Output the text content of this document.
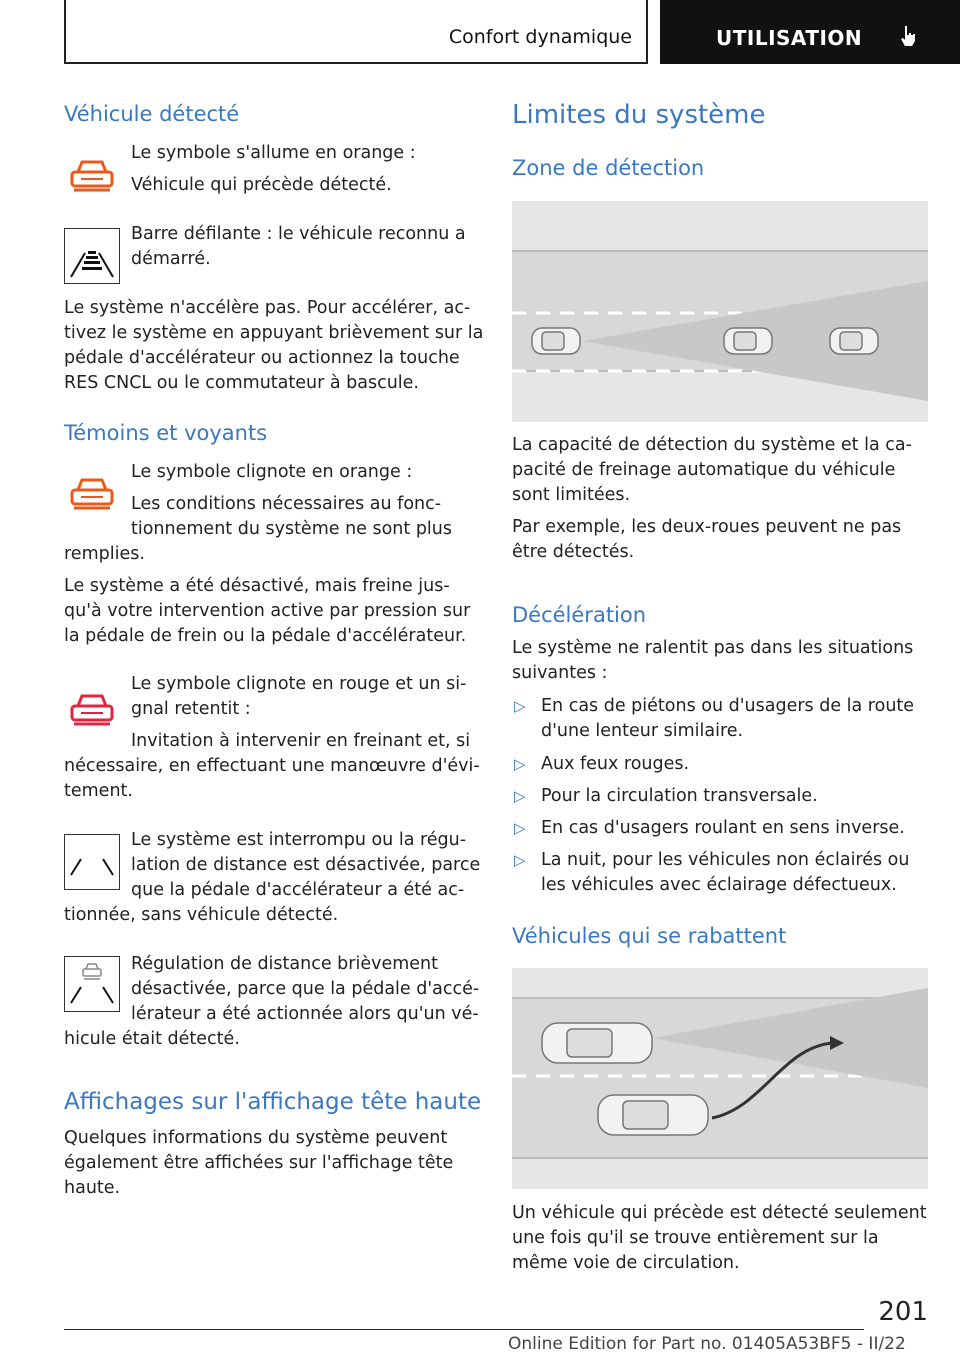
Confort dynamique	UTILISATION
Véhicule détecté
Le symbole s'allume en orange :
Véhicule qui précède détecté.
Barre défilante : le véhicule reconnu a
démarré.
Le système n'accélère pas. Pour accélérer, ac-
tivez le système en appuyant brièvement sur la
pédale d'accélérateur ou actionnez la touche
RES CNCL ou le commutateur à bascule.
Témoins et voyants
Le symbole clignote en orange :
Les conditions nécessaires au fonc-
tionnement du système ne sont plus
remplies.
Le système a été désactivé, mais freine jus-
qu'à votre intervention active par pression sur
la pédale de frein ou la pédale d'accélérateur.
Le symbole clignote en rouge et un si-
gnal retentit :
Invitation à intervenir en freinant et, si
nécessaire, en effectuant une manœuvre d'évi-
tement.
Le système est interrompu ou la régu-
lation de distance est désactivée, parce
que la pédale d'accélérateur a été ac-
tionnée, sans véhicule détecté.
Régulation de distance brièvement
désactivée, parce que la pédale d'accé-
lérateur a été actionnée alors qu'un vé-
hicule était détecté.
Affichages sur l'affichage tête haute
Quelques informations du système peuvent
également être affichées sur l'affichage tête
haute.
Limites du système
Zone de détection
La capacité de détection du système et la ca-
pacité de freinage automatique du véhicule
sont limitées.
Par exemple, les deux-roues peuvent ne pas
être détectés.
Décélération
Le système ne ralentit pas dans les situations
suivantes :
▷ En cas de piétons ou d'usagers de la route
d'une lenteur similaire.
▷ Aux feux rouges.
▷ Pour la circulation transversale.
▷ En cas d'usagers roulant en sens inverse.
▷ La nuit, pour les véhicules non éclairés ou
les véhicules avec éclairage défectueux.
Véhicules qui se rabattent
Un véhicule qui précède est détecté seulement
une fois qu'il se trouve entièrement sur la
même voie de circulation.
201
Online Edition for Part no. 01405A53BF5 - II/22
